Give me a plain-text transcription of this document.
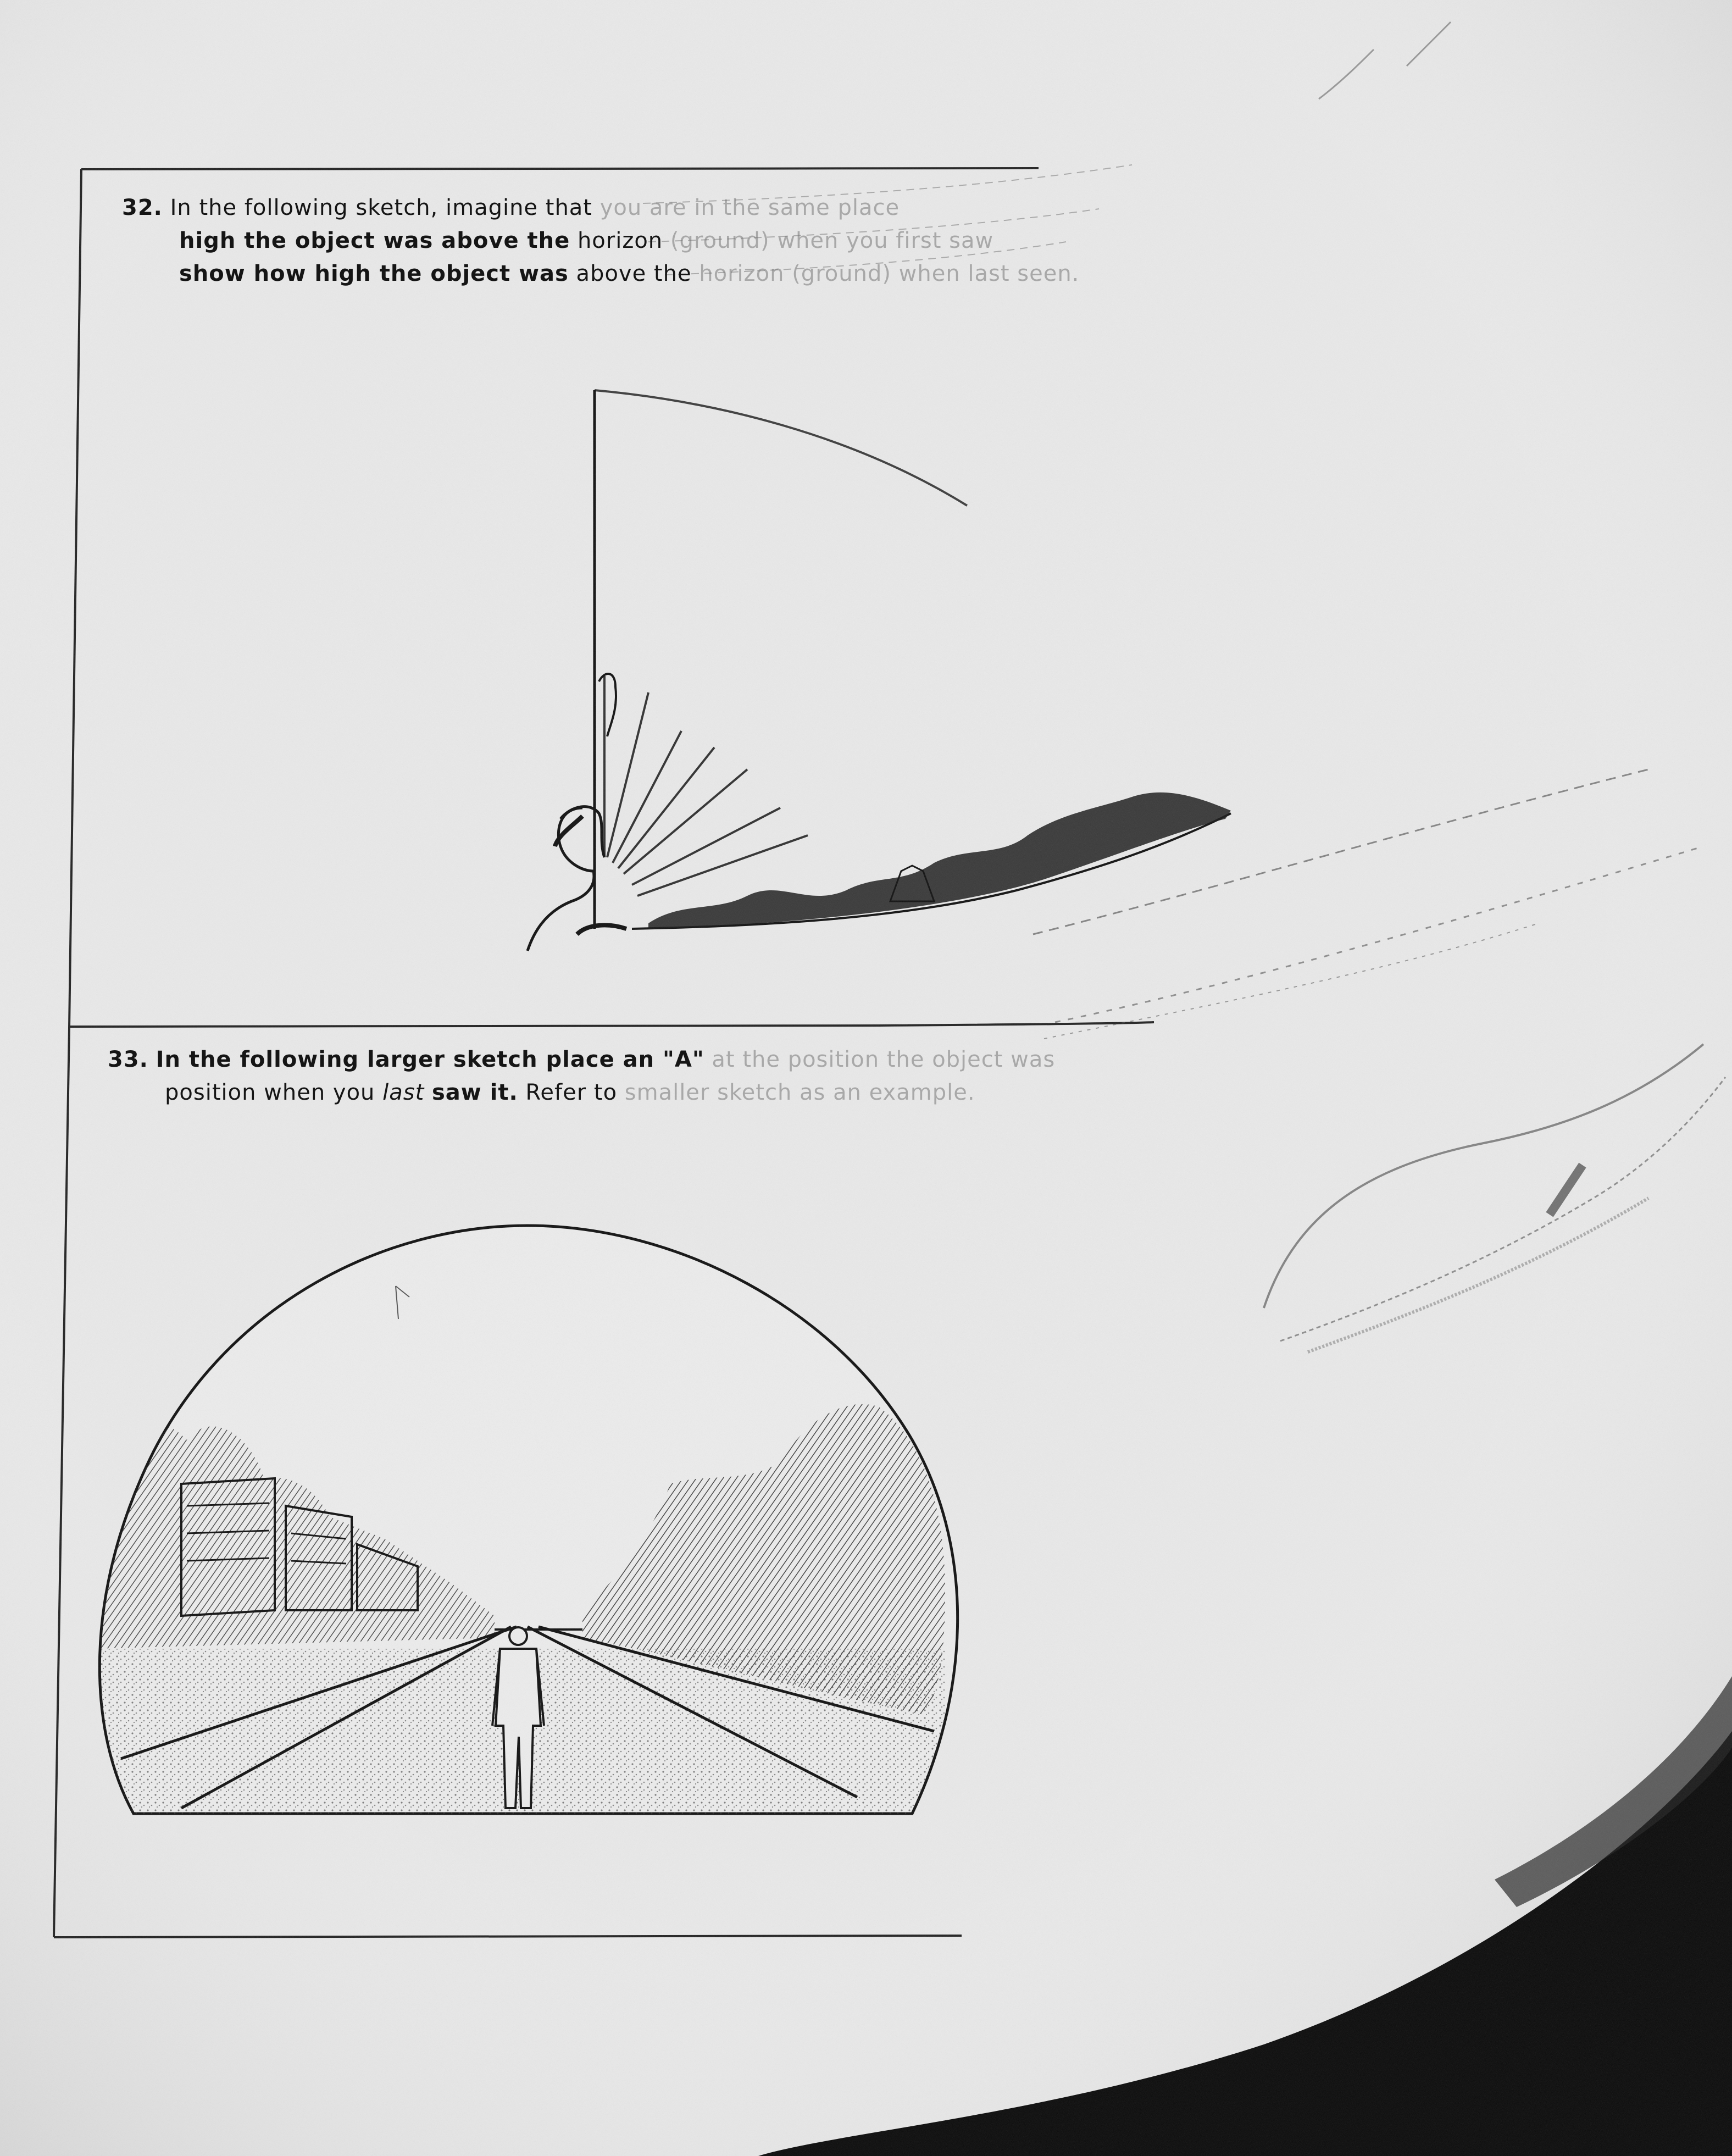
32. In the following sketch, imagine that you are in the same place
high the object was above the horizon (ground) when you first saw
show how high the object was above the horizon (ground) when last seen.
33. In the following larger sketch place an "A" at the position the object was
position when you last saw it. Refer to smaller sketch as an example.
